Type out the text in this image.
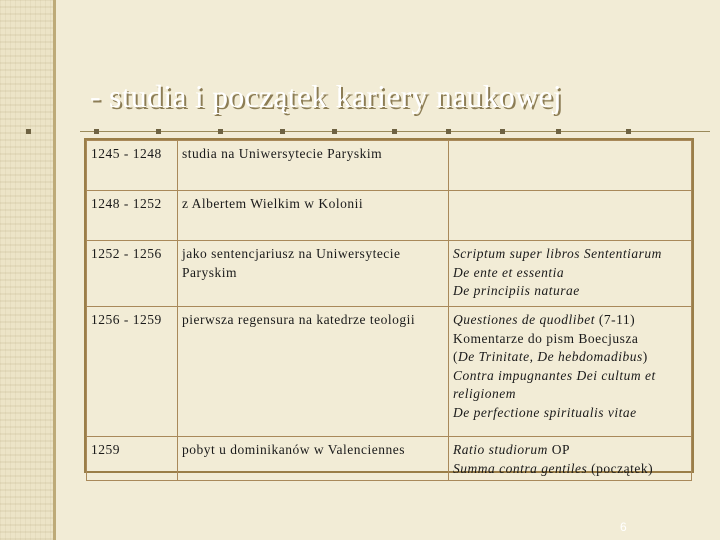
- studia i początek kariery naukowej
1245 - 1248	studia na Uniwersytecie Paryskim	
1248 - 1252	z Albertem Wielkim w Kolonii	
1252 - 1256	jako sentencjariusz na Uniwersytecie Paryskim	Scriptum super libros Sententiarum
De ente et essentia
De principiis naturae

1256 - 1259	pierwsza regensura na katedrze teologii	Questiones de quodlibet (7-11)
Komentarze do pism Boecjusza
(De Trinitate, De hebdomadibus)
Contra impugnantes Dei cultum et religionem
De perfectione spiritualis vitae

1259	pobyt u dominikanów w Valenciennes	Ratio studiorum OP
Summa contra gentiles (początek)
6
